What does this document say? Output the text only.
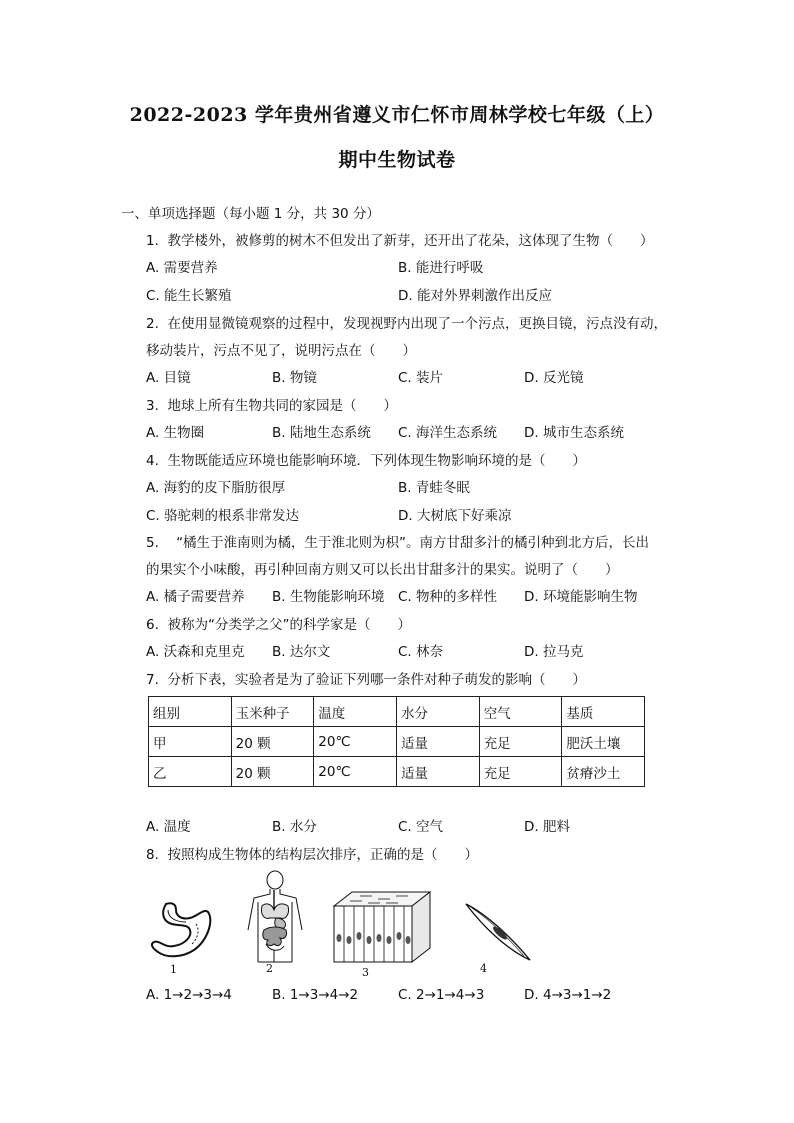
2022-2023 学年贵州省遵义市仁怀市周林学校七年级（上）
期中生物试卷
一、单项选择题（每小题 1 分，共 30 分）
1. 教学楼外，被修剪的树木不但发出了新芽，还开出了花朵，这体现了生物（　　）
A. 需要营养	B. 能进行呼吸
C. 能生长繁殖	D. 能对外界刺激作出反应
2. 在使用显微镜观察的过程中，发现视野内出现了一个污点，更换目镜，污点没有动，
移动装片，污点不见了，说明污点在（　　）
A. 目镜	B. 物镜	C. 装片	D. 反光镜
3. 地球上所有生物共同的家园是（　　）
A. 生物圈	B. 陆地生态系统 C. 海洋生态系统 D. 城市生态系统
4. 生物既能适应环境也能影响环境．下列体现生物影响环境的是（　　）
A. 海豹的皮下脂肪很厚	B. 青蛙冬眠
C. 骆驼刺的根系非常发达	D. 大树底下好乘凉
5. “橘生于淮南则为橘，生于淮北则为枳”。南方甘甜多汁的橘引种到北方后，长出
的果实个小味酸，再引种回南方则又可以长出甘甜多汁的果实。说明了（　　）
A. 橘子需要营养 B. 生物能影响环境 C. 物种的多样性 D. 环境能影响生物
6. 被称为“分类学之父”的科学家是（　　）
A. 沃森和克里克 B. 达尔文	C. 林奈	D. 拉马克
7. 分析下表，实验者是为了验证下列哪一条件对种子萌发的影响（　　）
组别	玉米种子	温度	水分	空气	基质
甲	20 颗	20℃	适量	充足	肥沃土壤
乙	20 颗	20℃	适量	充足	贫瘠沙土
A. 温度	B. 水分	C. 空气	D. 肥料
8. 按照构成生物体的结构层次排序，正确的是（　　）
1	2	3	4
A. 1→2→3→4	B. 1→3→4→2	C. 2→1→4→3	D. 4→3→1→2
